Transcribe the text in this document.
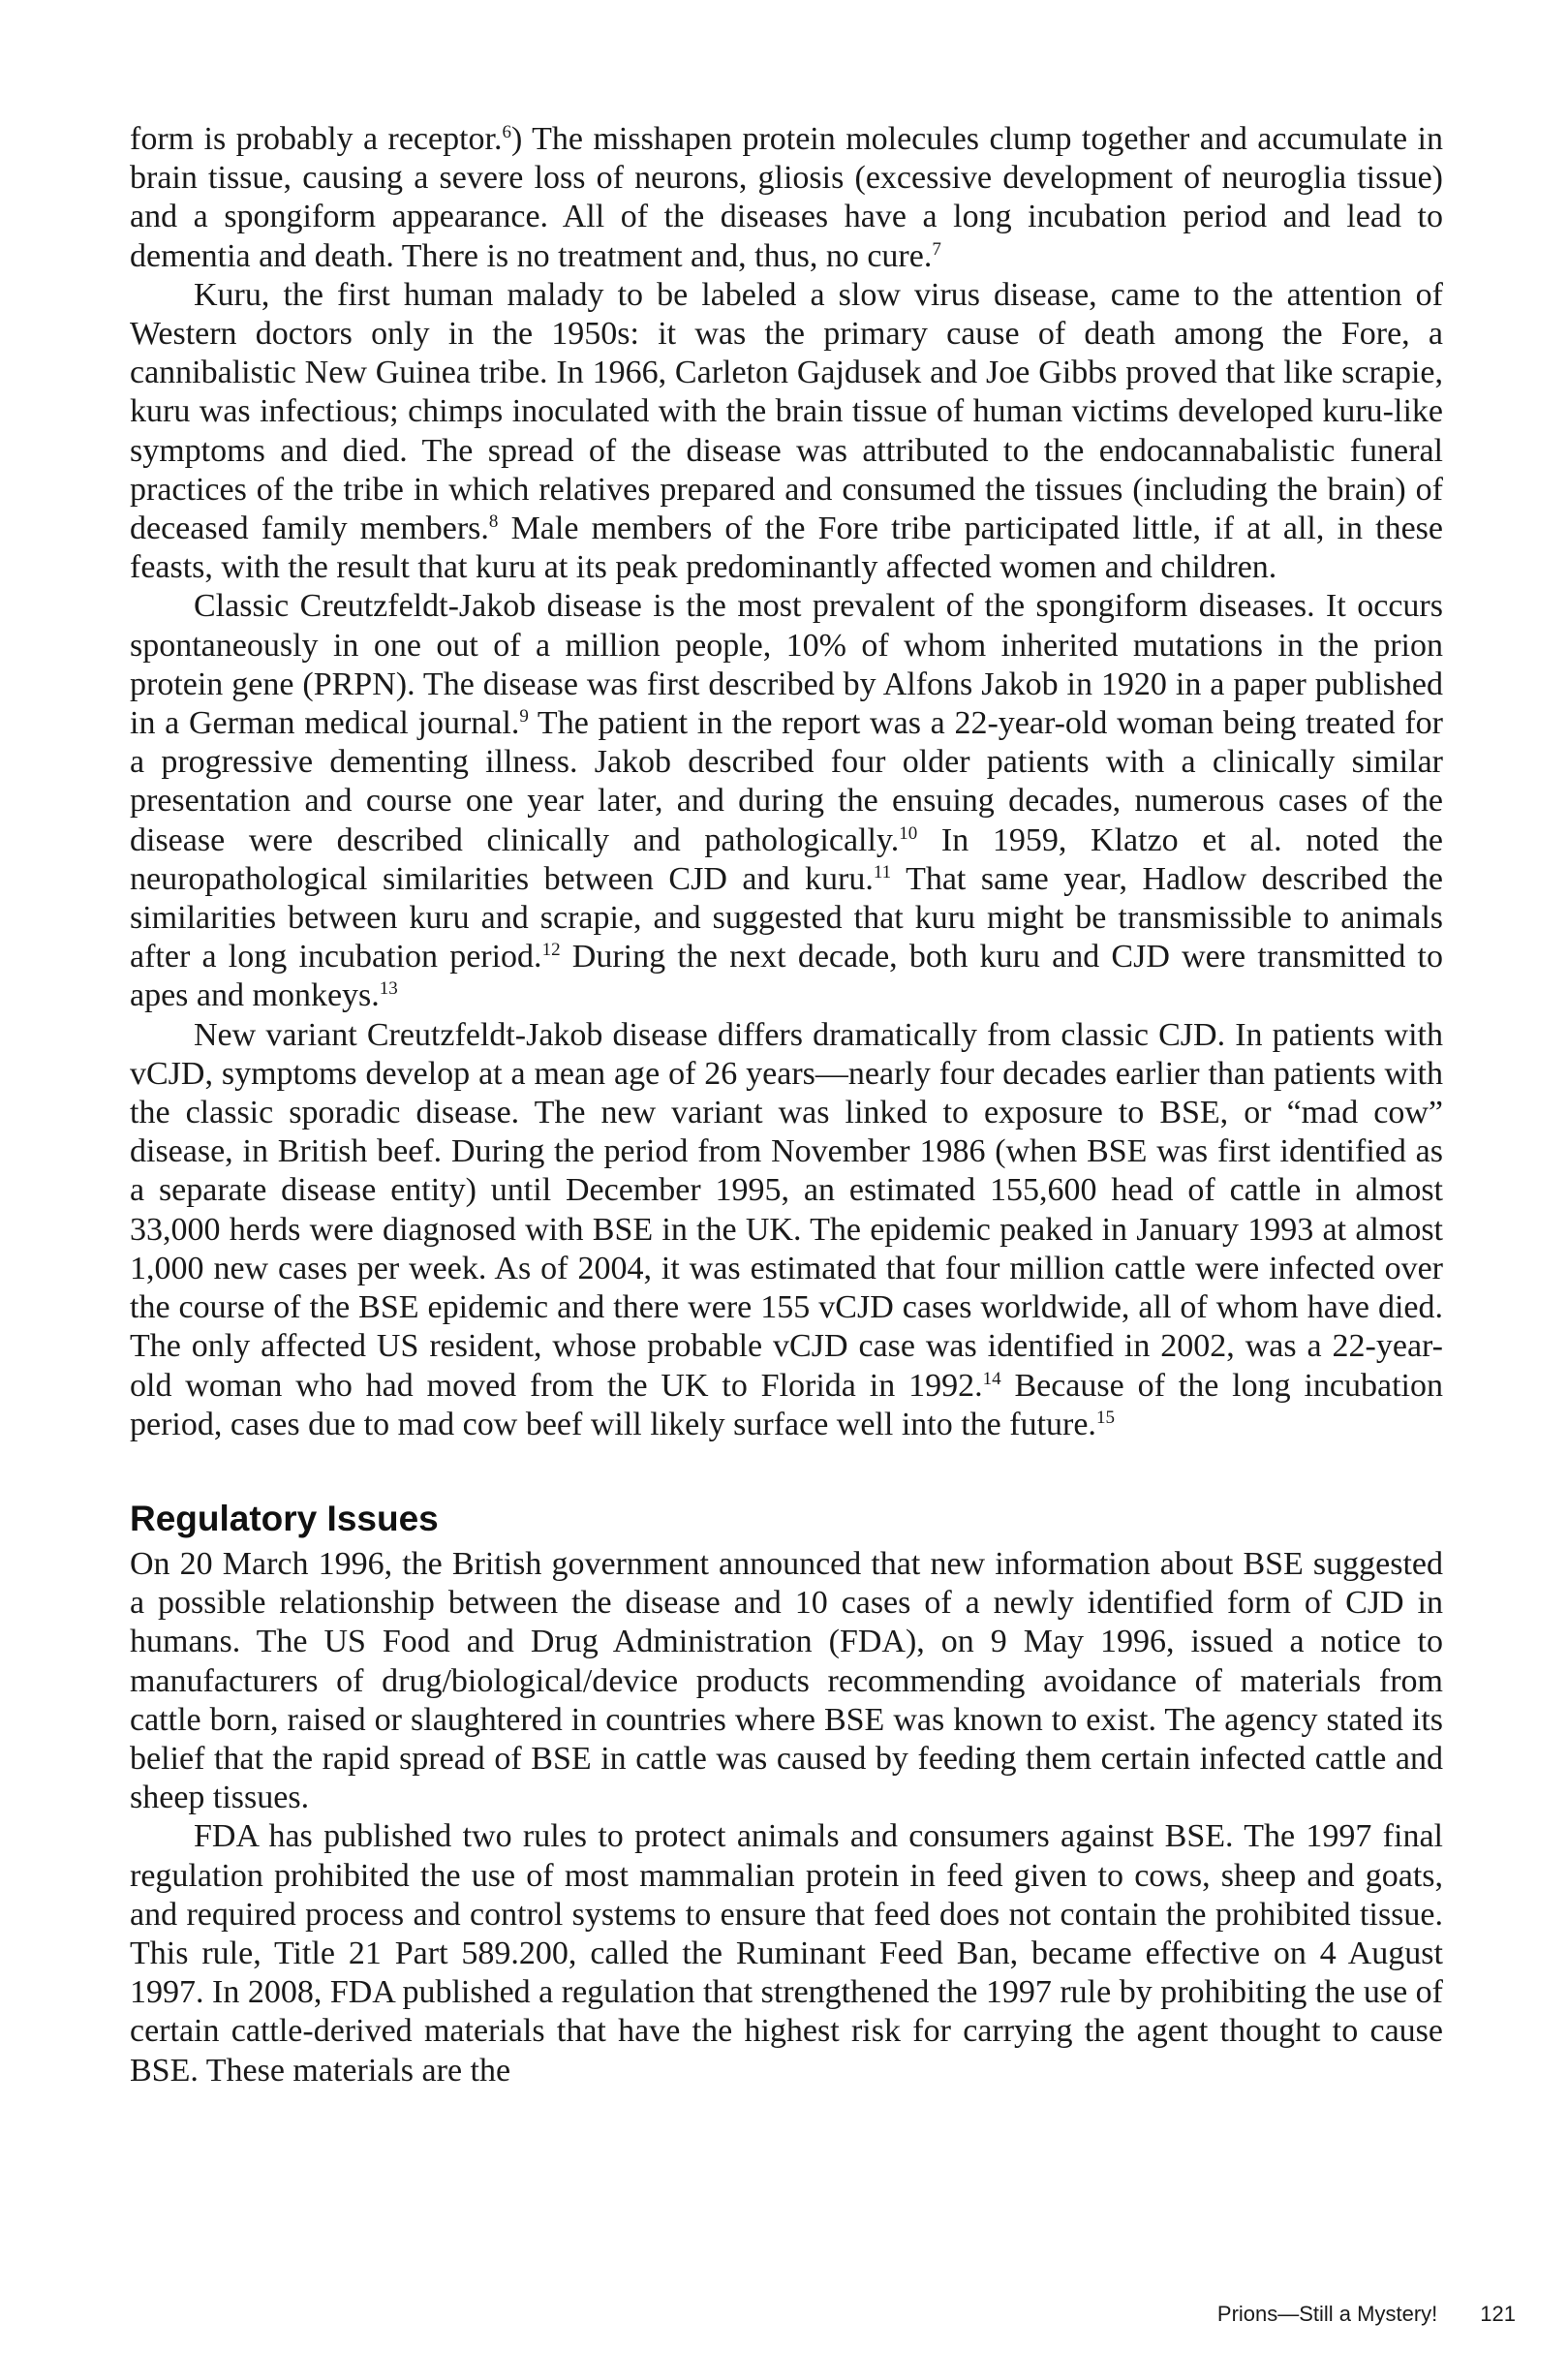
form is probably a receptor.$^6$) The misshapen protein molecules clump together and accumulate in brain tissue, causing a severe loss of neurons, gliosis (excessive development of neuroglia tissue) and a spongiform appearance. All of the diseases have a long incubation period and lead to dementia and death. There is no treatment and, thus, no cure.$^7$

Kuru, the first human malady to be labeled a slow virus disease, came to the attention of Western doctors only in the 1950s: it was the primary cause of death among the Fore, a cannibalistic New Guinea tribe. In 1966, Carleton Gajdusek and Joe Gibbs proved that like scrapie, kuru was infectious; chimps inoculated with the brain tissue of human victims developed kuru-like symptoms and died. The spread of the disease was attributed to the endocannabalistic funeral practices of the tribe in which relatives prepared and consumed the tissues (including the brain) of deceased family members.$^8$ Male members of the Fore tribe participated little, if at all, in these feasts, with the result that kuru at its peak predominantly affected women and children.

Classic Creutzfeldt-Jakob disease is the most prevalent of the spongiform diseases. It occurs spontaneously in one out of a million people, 10% of whom inherited mutations in the prion protein gene (PRPN). The disease was first described by Alfons Jakob in 1920 in a paper published in a German medical journal.$^9$ The patient in the report was a 22-year-old woman being treated for a progressive dementing illness. Jakob described four older patients with a clinically similar presentation and course one year later, and during the ensuing decades, numerous cases of the disease were described clinically and pathologically.$^{10}$ In 1959, Klatzo et al. noted the neuropathological similarities between CJD and kuru.$^{11}$ That same year, Hadlow described the similarities between kuru and scrapie, and suggested that kuru might be transmissible to animals after a long incubation period.$^{12}$ During the next decade, both kuru and CJD were transmitted to apes and monkeys.$^{13}$

New variant Creutzfeldt-Jakob disease differs dramatically from classic CJD. In patients with vCJD, symptoms develop at a mean age of 26 years—nearly four decades earlier than patients with the classic sporadic disease. The new variant was linked to exposure to BSE, or “mad cow” disease, in British beef. During the period from November 1986 (when BSE was first identified as a separate disease entity) until December 1995, an estimated 155,600 head of cattle in almost 33,000 herds were diagnosed with BSE in the UK. The epidemic peaked in January 1993 at almost 1,000 new cases per week. As of 2004, it was estimated that four million cattle were infected over the course of the BSE epidemic and there were 155 vCJD cases worldwide, all of whom have died. The only affected US resident, whose probable vCJD case was identified in 2002, was a 22-year-old woman who had moved from the UK to Florida in 1992.14 Because of the long incubation period, cases due to mad cow beef will likely surface well into the future.$^{15}$

Regulatory Issues

On 20 March 1996, the British government announced that new information about BSE suggested a possible relationship between the disease and 10 cases of a newly identified form of CJD in humans. The US Food and Drug Administration (FDA), on 9 May 1996, issued a notice to manufacturers of drug/biological/device products recommending avoidance of materials from cattle born, raised or slaughtered in countries where BSE was known to exist. The agency stated its belief that the rapid spread of BSE in cattle was caused by feeding them certain infected cattle and sheep tissues.

FDA has published two rules to protect animals and consumers against BSE. The 1997 final regulation prohibited the use of most mammalian protein in feed given to cows, sheep and goats, and required process and control systems to ensure that feed does not contain the prohibited tissue. This rule, Title 21 Part 589.200, called the Ruminant Feed Ban, became effective on 4 August 1997. In 2008, FDA published a regulation that strengthened the 1997 rule by prohibiting the use of certain cattle-derived materials that have the highest risk for carrying the agent thought to cause BSE. These materials are the

Prions—Still a Mystery! 121
